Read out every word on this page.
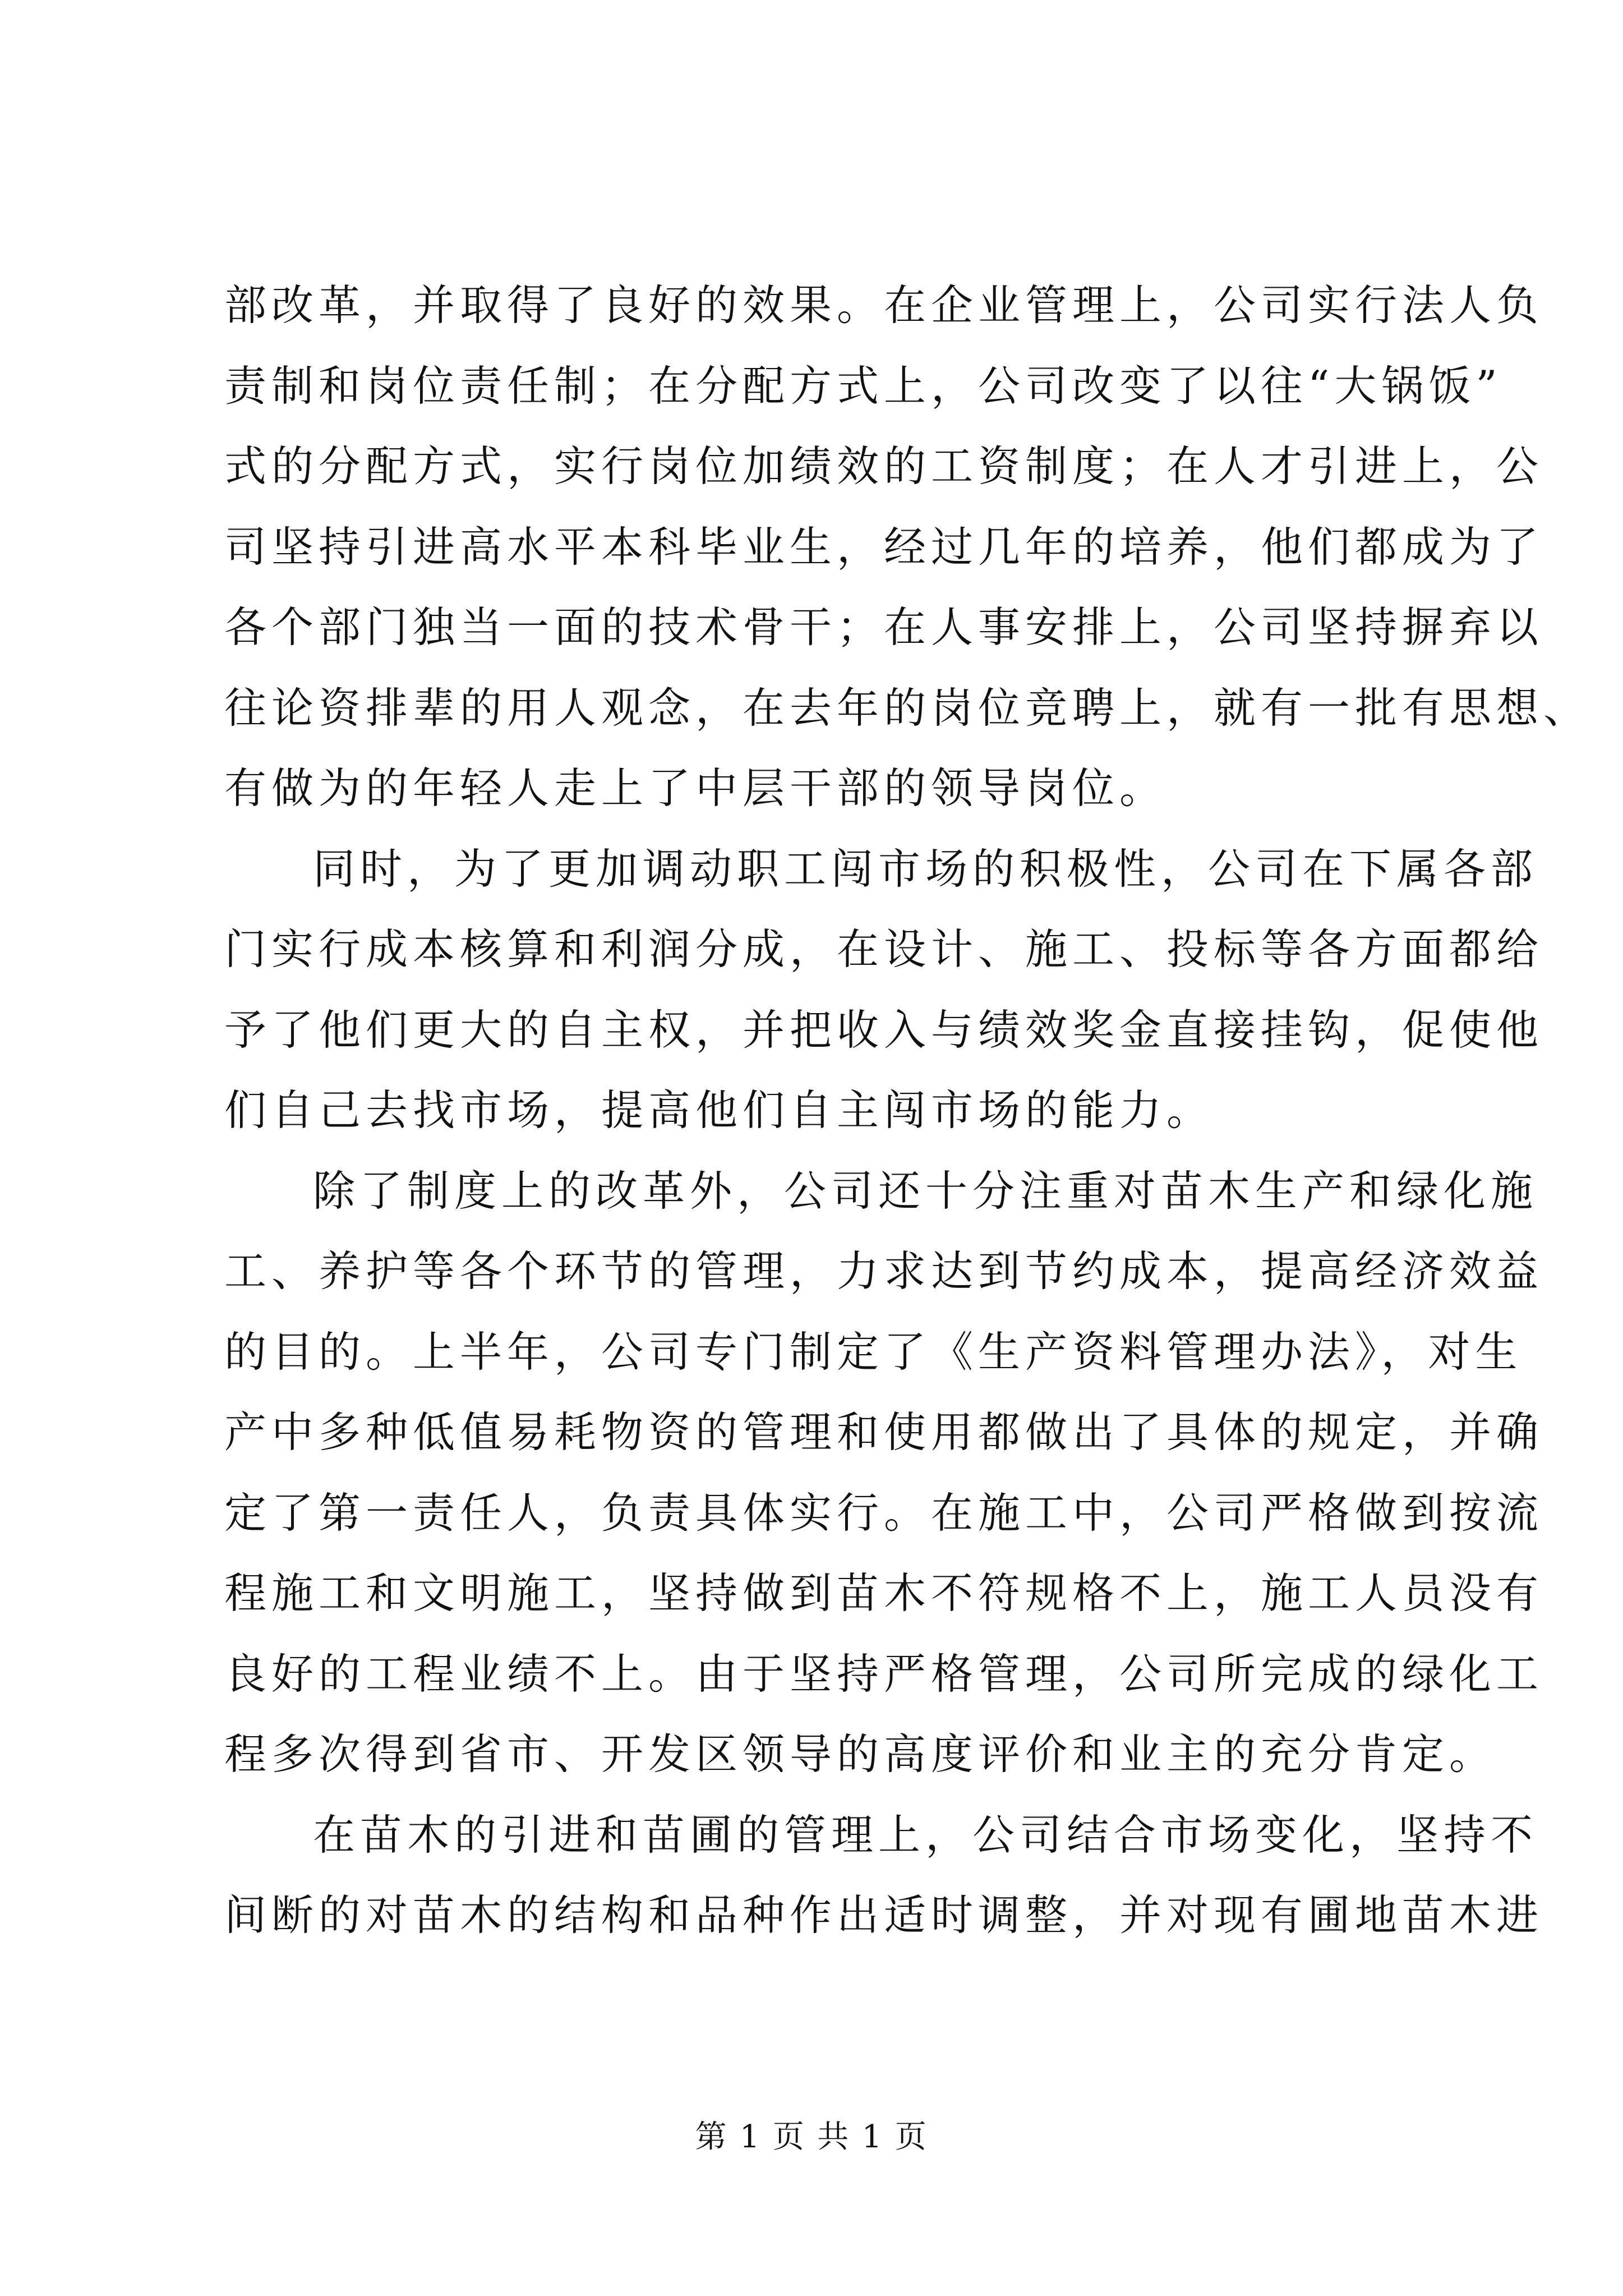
部改革，并取得了良好的效果。在企业管理上，公司实行法人负
责制和岗位责任制；在分配方式上，公司改变了以往“大锅饭”
式的分配方式，实行岗位加绩效的工资制度；在人才引进上，公
司坚持引进高水平本科毕业生，经过几年的培养，他们都成为了
各个部门独当一面的技术骨干；在人事安排上，公司坚持摒弃以
往论资排辈的用人观念，在去年的岗位竞聘上，就有一批有思想、
有做为的年轻人走上了中层干部的领导岗位。
同时，为了更加调动职工闯市场的积极性，公司在下属各部
门实行成本核算和利润分成，在设计、施工、投标等各方面都给
予了他们更大的自主权，并把收入与绩效奖金直接挂钩，促使他
们自己去找市场，提高他们自主闯市场的能力。
除了制度上的改革外，公司还十分注重对苗木生产和绿化施
工、养护等各个环节的管理，力求达到节约成本，提高经济效益
的目的。上半年，公司专门制定了《生产资料管理办法》，对生
产中多种低值易耗物资的管理和使用都做出了具体的规定，并确
定了第一责任人，负责具体实行。在施工中，公司严格做到按流
程施工和文明施工，坚持做到苗木不符规格不上，施工人员没有
良好的工程业绩不上。由于坚持严格管理，公司所完成的绿化工
程多次得到省市、开发区领导的高度评价和业主的充分肯定。
在苗木的引进和苗圃的管理上，公司结合市场变化，坚持不
间断的对苗木的结构和品种作出适时调整，并对现有圃地苗木进
第 1 页 共 1 页
